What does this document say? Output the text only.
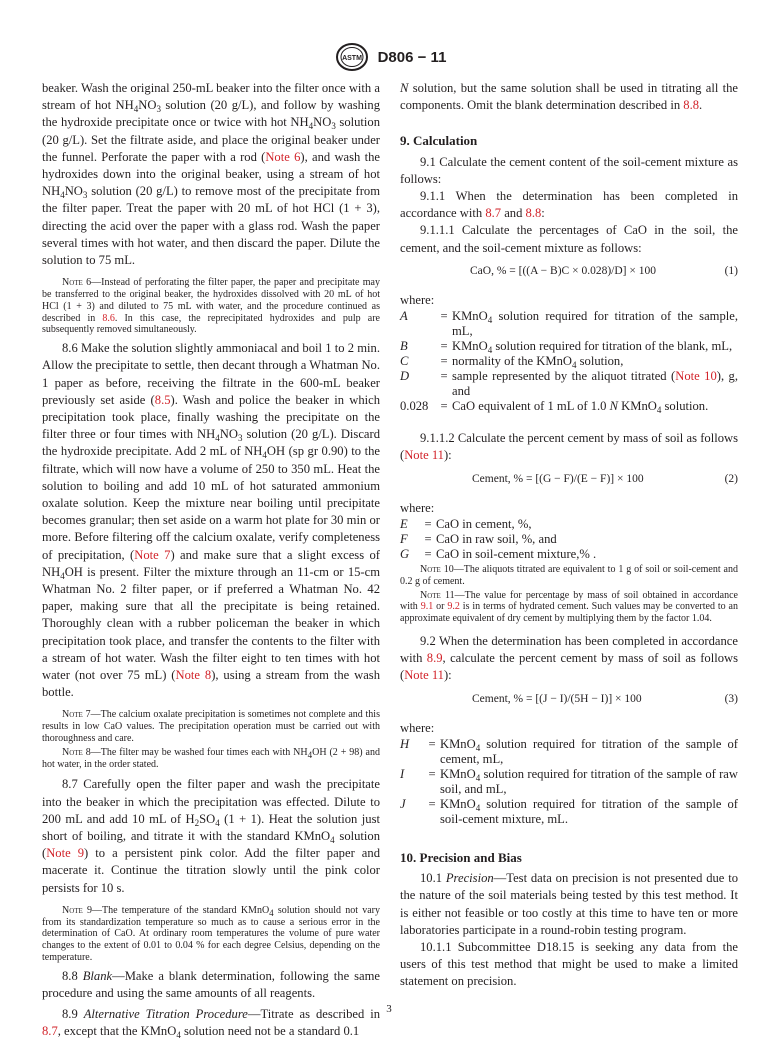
ASTM D806 − 11

beaker. Wash the original 250-mL beaker into the filter once with a stream of hot $NH_4NO_3$ solution (20 g/L), and follow by washing the hydroxide precipitate once or twice with hot $NH_4NO_3$ solution (20 g/L). Set the filtrate aside, and place the original beaker under the funnel. Perforate the paper with a rod (Note 6), and wash the hydroxides down into the original beaker, using a stream of hot $NH_4NO_3$ solution (20 g/L) to remove most of the precipitate from the filter paper. Treat the paper with 20 mL of hot HCl (1 + 3), directing the acid over the paper with a glass rod. Wash the paper several times with hot water, and then discard the paper. Dilute the solution to 75 mL.

Note 6—Instead of perforating the filter paper, the paper and precipitate may be transferred to the original beaker, the hydroxides dissolved with 20 mL of hot HCl (1 + 3) and diluted to 75 mL with water, and the procedure continued as described in 8.6. In this case, the reprecipitated hydroxides and pulp are subsequently removed simultaneously.

8.6 Make the solution slightly ammoniacal and boil 1 to 2 min. Allow the precipitate to settle, then decant through a Whatman No. 1 paper as before, receiving the filtrate in the 600-mL beaker previously set aside (8.5). Wash and police the beaker in which precipitation took place, finally washing the precipitate on the filter three or four times with $NH_4NO_3$ solution (20 g/L). Discard the hydroxide precipitate. Add 2 mL of $NH_4OH$ (sp gr 0.90) to the filtrate, which will now have a volume of 250 to 350 mL. Heat the solution to boiling and add 10 mL of hot saturated ammonium oxalate solution. Keep the mixture near boiling until precipitate becomes granular; then set aside on a warm hot plate for 30 min or more. Before filtering off the calcium oxalate, verify completeness of precipitation, (Note 7) and make sure that a slight excess of $NH_4OH$ is present. Filter the mixture through an 11-cm or 15-cm Whatman No. 2 filter paper, or if preferred a Whatman No. 42 paper, making sure that all the precipitate is being retained. Thoroughly clean with a rubber policeman the beaker in which precipitation took place, and transfer the contents to the filter with a stream of hot water. Wash the filter eight to ten times with hot water (not over 75 mL) (Note 8), using a stream from the wash bottle.

Note 7—The calcium oxalate precipitation is sometimes not complete and this results in low CaO values. The precipitation operation must be carried out with thoroughness and care.

Note 8—The filter may be washed four times each with $NH_4OH$ (2 + 98) and hot water, in the order stated.

8.7 Carefully open the filter paper and wash the precipitate into the beaker in which the precipitation was effected. Dilute to 200 mL and add 10 mL of $H_2SO_4$ (1 + 1). Heat the solution just short of boiling, and titrate it with the standard KMnO$_4$ solution (Note 9) to a persistent pink color. Add the filter paper and macerate it. Continue the titration slowly until the pink color persists for 10 s.

Note 9—The temperature of the standard KMnO$_4$ solution should not vary from its standardization temperature so much as to cause a serious error in the determination of CaO. At ordinary room temperatures the volume of pure water changes to the extent of 0.01 to 0.04 % for each degree Celsius, depending on the temperature.

8.8 Blank—Make a blank determination, following the same procedure and using the same amounts of all reagents.

8.9 Alternative Titration Procedure—Titrate as described in 8.7, except that the KMnO$_4$ solution need not be a standard 0.1

N solution, but the same solution shall be used in titrating all the components. Omit the blank determination described in 8.8.

9. Calculation

9.1 Calculate the cement content of the soil-cement mixture as follows:

9.1.1 When the determination has been completed in accordance with 8.7 and 8.8:

9.1.1.1 Calculate the percentages of CaO in the soil, the cement, and the soil-cement mixture as follows:

CaO, % = [((A − B)C × 0.028)/D] × 100	(1)

where:

A	=	KMnO$_4$ solution required for titration of the sample, mL,
B	=	KMnO$_4$ solution required for titration of the blank, mL,
C	=	normality of the KMnO$_4$ solution,
D	=	sample represented by the aliquot titrated (Note 10), g, and
0.028	=	CaO equivalent of 1 mL of 1.0 N KMnO$_4$ solution.

9.1.1.2 Calculate the percent cement by mass of soil as follows (Note 11):

Cement, % = [(G − F)/(E − F)] × 100	(2)

where:

E	=	CaO in cement, %,
F	=	CaO in raw soil, %, and
G	=	CaO in soil-cement mixture,% .

Note 10—The aliquots titrated are equivalent to 1 g of soil or soil-cement and 0.2 g of cement.

Note 11—The value for percentage by mass of soil obtained in accordance with 9.1 or 9.2 is in terms of hydrated cement. Such values may be converted to an approximate equivalent of dry cement by multiplying them by the factor 1.04.

9.2 When the determination has been completed in accordance with 8.9, calculate the percent cement by mass of soil as follows (Note 11):

Cement, % = [(J − I)/(5H − I)] × 100	(3)

where:

H	=	KMnO$_4$ solution required for titration of the sample of cement, mL,
I	=	KMnO$_4$ solution required for titration of the sample of raw soil, and mL,
J	=	KMnO$_4$ solution required for titration of the sample of soil-cement mixture, mL.

10. Precision and Bias

10.1 Precision—Test data on precision is not presented due to the nature of the soil materials being tested by this test method. It is either not feasible or too costly at this time to have ten or more laboratories participate in a round-robin testing program.

10.1.1 Subcommittee D18.15 is seeking any data from the users of this test method that might be used to make a limited statement on precision.

3
